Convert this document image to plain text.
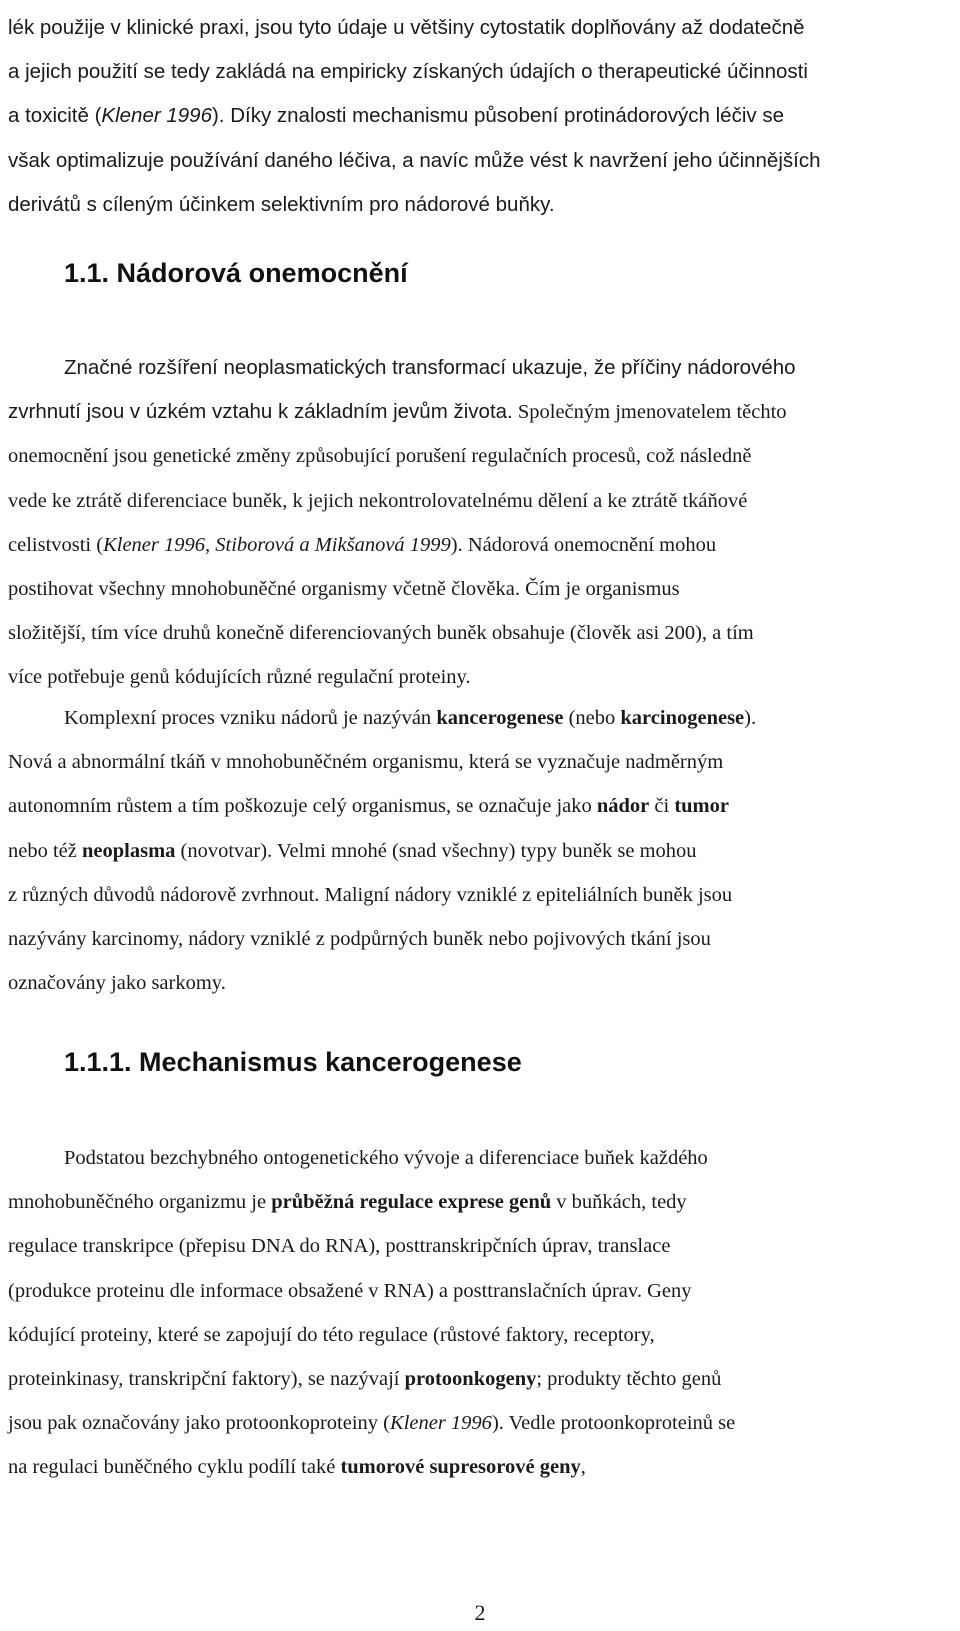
lék použije v klinické praxi, jsou tyto údaje u většiny cytostatik doplňovány až dodatečně
a jejich použití se tedy zakládá na empiricky získaných údajích o therapeutické účinnosti
a toxicitě (Klener 1996). Díky znalosti mechanismu působení protinádorových léčiv se
však optimalizuje používání daného léčiva, a navíc může vést k navržení jeho účinnějších
derivátů s cíleným účinkem selektivním pro nádorové buňky.

1.1. Nádorová onemocnění

Značné rozšíření neoplasmatických transformací ukazuje, že příčiny nádorového
zvrhnutí jsou v úzkém vztahu k základním jevům života. Společným jmenovatelem těchto
onemocnění jsou genetické změny způsobující porušení regulačních procesů, což následně
vede ke ztrátě diferenciace buněk, k jejich nekontrolovatelnému dělení a ke ztrátě tkáňové
celistvosti (Klener 1996, Stiborová a Mikšanová 1999). Nádorová onemocnění mohou
postihovat všechny mnohobuněčné organismy včetně člověka. Čím je organismus
složitější, tím více druhů konečně diferenciovaných buněk obsahuje (člověk asi 200), a tím
více potřebuje genů kódujících různé regulační proteiny.

Komplexní proces vzniku nádorů je nazýván kancerogenese (nebo karcinogenese).
Nová a abnormální tkáň v mnohobuněčném organismu, která se vyznačuje nadměrným
autonomním růstem a tím poškozuje celý organismus, se označuje jako nádor či tumor
nebo též neoplasma (novotvar). Velmi mnohé (snad všechny) typy buněk se mohou
z různých důvodů nádorově zvrhnout. Maligní nádory vzniklé z epiteliálních buněk jsou
nazývány karcinomy, nádory vzniklé z podpůrných buněk nebo pojivových tkání jsou
označovány jako sarkomy.

1.1.1. Mechanismus kancerogenese

Podstatou bezchybného ontogenetického vývoje a diferenciace buňek každého
mnohobuněčného organizmu je průběžná regulace exprese genů v buňkách, tedy
regulace transkripce (přepisu DNA do RNA), posttranskripčních úprav, translace
(produkce proteinu dle informace obsažené v RNA) a posttranslačních úprav. Geny
kódující proteiny, které se zapojují do této regulace (růstové faktory, receptory,
proteinkinasy, transkripční faktory), se nazývají protoonkogeny; produkty těchto genů
jsou pak označovány jako protoonkoproteiny (Klener 1996). Vedle protoonkoproteinů se
na regulaci buněčného cyklu podílí také tumorové supresorové geny,

2
